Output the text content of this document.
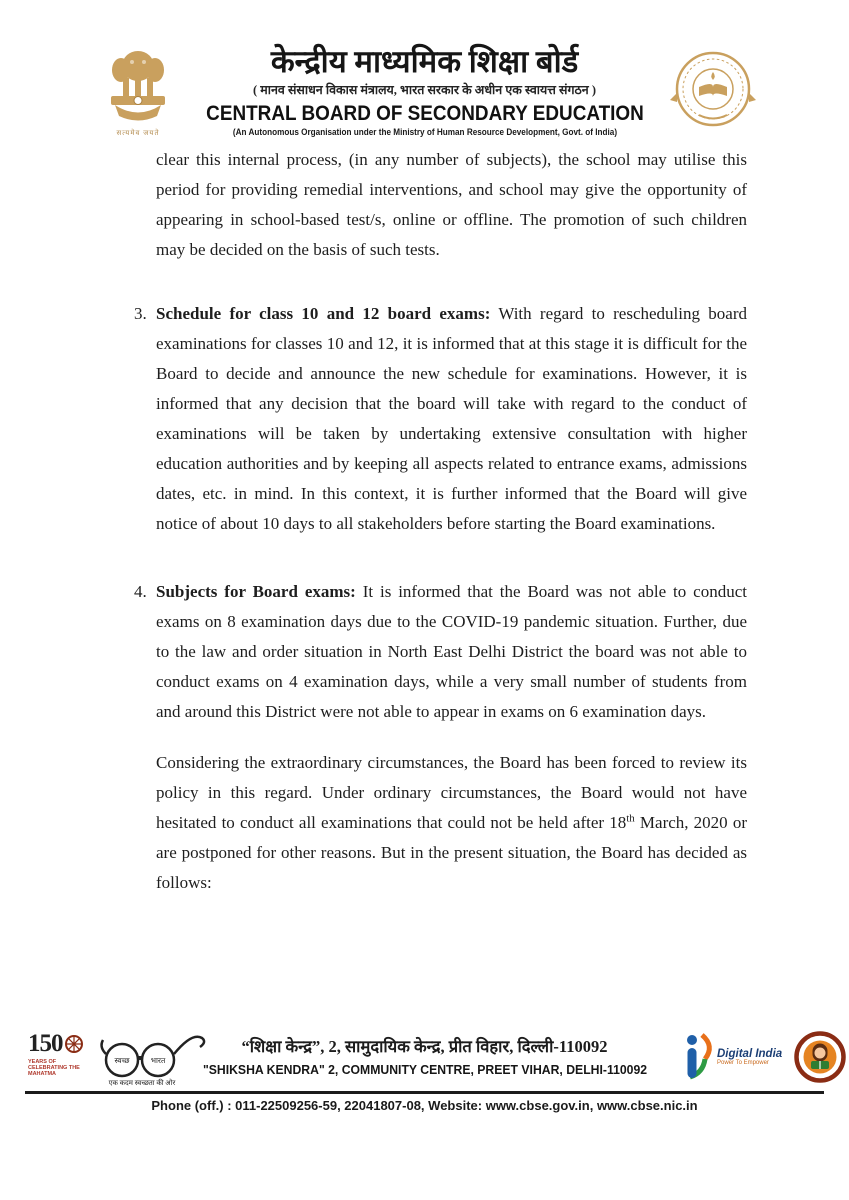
सत्यमेव जयते
केन्द्रीय माध्यमिक शिक्षा बोर्ड
( मानव संसाधन विकास मंत्रालय, भारत सरकार के अधीन एक स्वायत्त संगठन )
CENTRAL BOARD OF SECONDARY EDUCATION
(An Autonomous Organisation under the Ministry of Human Resource Development, Govt. of India)

clear this internal process, (in any number of subjects), the school may utilise this period for providing remedial interventions, and school may give the opportunity of appearing in school-based test/s, online or offline. The promotion of such children may be decided on the basis of such tests.

3. Schedule for class 10 and 12 board exams: With regard to rescheduling board examinations for classes 10 and 12, it is informed that at this stage it is difficult for the Board to decide and announce the new schedule for examinations. However, it is informed that any decision that the board will take with regard to the conduct of examinations will be taken by undertaking extensive consultation with higher education authorities and by keeping all aspects related to entrance exams, admissions dates, etc. in mind. In this context, it is further informed that the Board will give notice of about 10 days to all stakeholders before starting the Board examinations.

4. Subjects for Board exams: It is informed that the Board was not able to conduct exams on 8 examination days due to the COVID-19 pandemic situation. Further, due to the law and order situation in North East Delhi District the board was not able to conduct exams on 4 examination days, while a very small number of students from and around this District were not able to appear in exams on 6 examination days.

Considering the extraordinary circumstances, the Board has been forced to review its policy in this regard. Under ordinary circumstances, the Board would not have hesitated to conduct all examinations that could not be held after 18th March, 2020 or are postponed for other reasons. But in the present situation, the Board has decided as follows:

150
YEARS OF CELEBRATING THE MAHATMA
स्वच्छ	भारत
एक कदम स्वच्छता की ओर
“शिक्षा केन्द्र”, 2, सामुदायिक केन्द्र, प्रीत विहार, दिल्ली-110092
"SHIKSHA KENDRA" 2, COMMUNITY CENTRE, PREET VIHAR, DELHI-110092
Digital India
Power To Empower
Phone (off.) : 011-22509256-59, 22041807-08, Website: www.cbse.gov.in, www.cbse.nic.in
